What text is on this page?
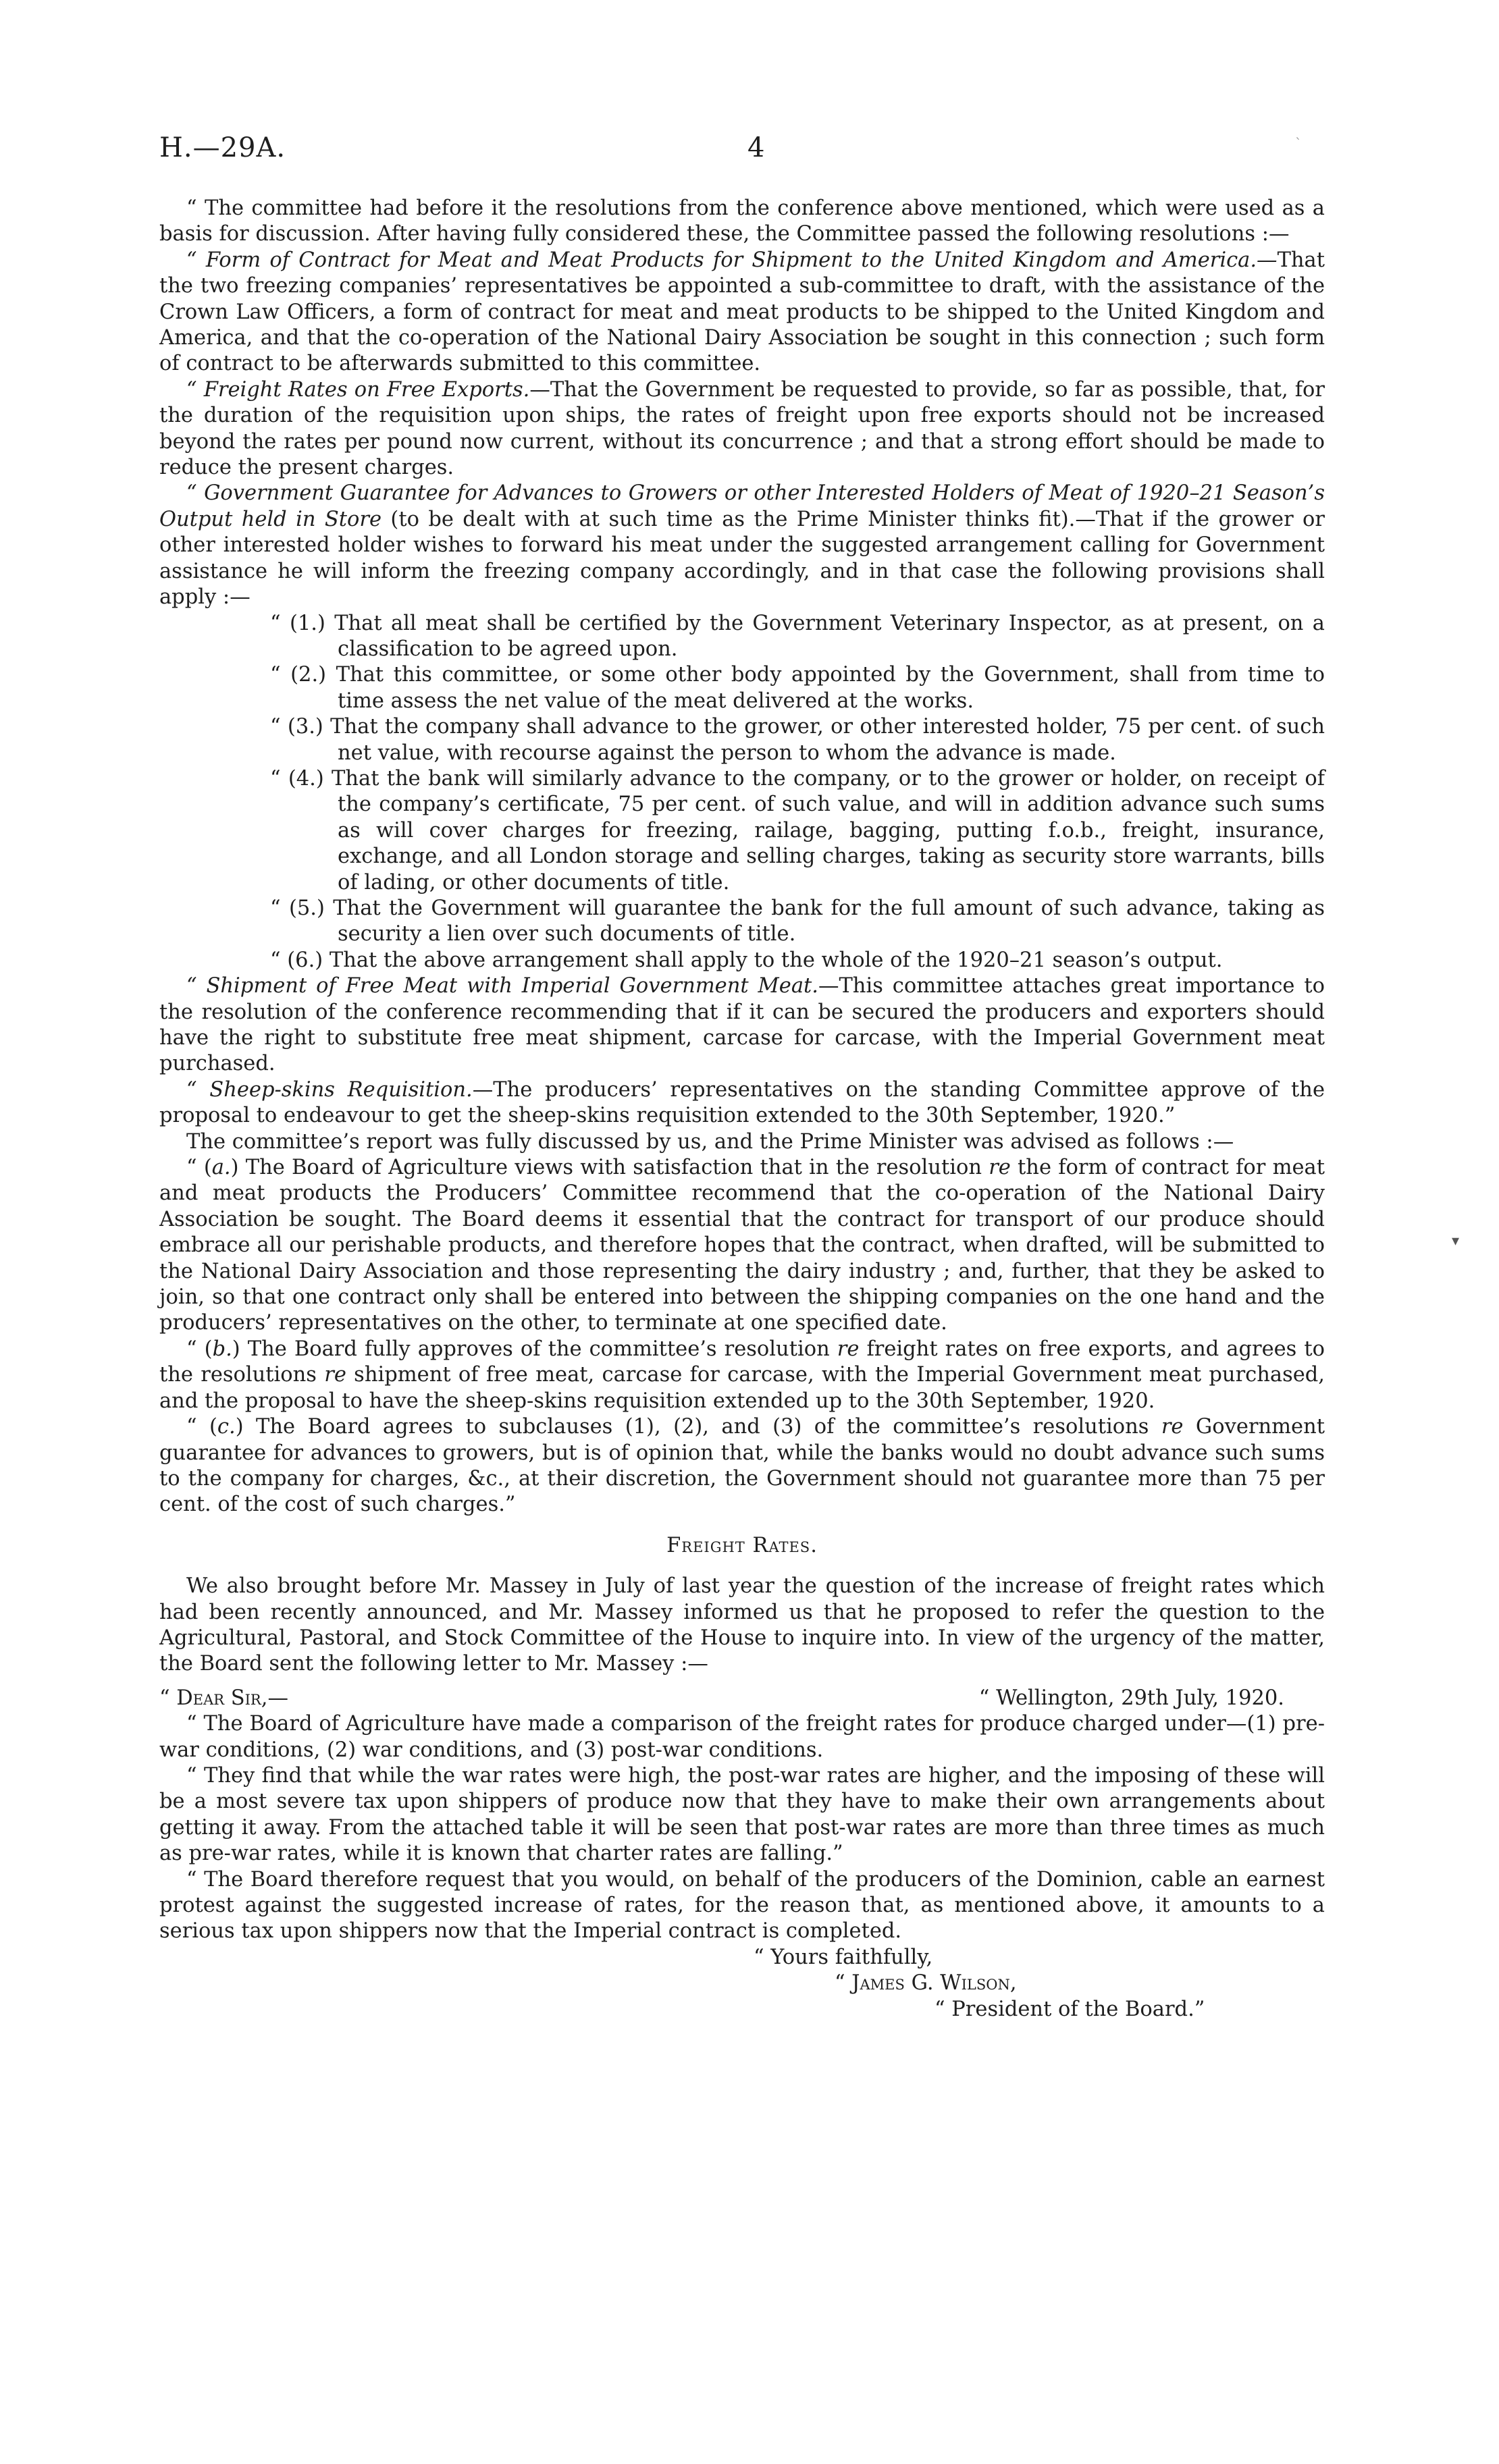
H.—29A.	4	ˋ

“ The committee had before it the resolutions from the conference above mentioned, which were used as a basis for discussion. After having fully considered these, the Committee passed the following resolutions :—

“ Form of Contract for Meat and Meat Products for Shipment to the United Kingdom and America.—That the two freezing companies’ representatives be appointed a sub-committee to draft, with the assistance of the Crown Law Officers, a form of contract for meat and meat products to be shipped to the United Kingdom and America, and that the co-operation of the National Dairy Association be sought in this connection ; such form of contract to be afterwards submitted to this committee.

“ Freight Rates on Free Exports.—That the Government be requested to provide, so far as possible, that, for the duration of the requisition upon ships, the rates of freight upon free exports should not be increased beyond the rates per pound now current, without its concurrence ; and that a strong effort should be made to reduce the present charges.

“ Government Guarantee for Advances to Growers or other Interested Holders of Meat of 1920–21 Season’s Output held in Store (to be dealt with at such time as the Prime Minister thinks fit).—That if the grower or other interested holder wishes to forward his meat under the suggested arrangement calling for Government assistance he will inform the freezing company accordingly, and in that case the following provisions shall apply :—

“ (1.) That all meat shall be certified by the Government Veterinary Inspector, as at present, on a classification to be agreed upon.

“ (2.) That this committee, or some other body appointed by the Government, shall from time to time assess the net value of the meat delivered at the works.

“ (3.) That the company shall advance to the grower, or other interested holder, 75 per cent. of such net value, with recourse against the person to whom the advance is made.

“ (4.) That the bank will similarly advance to the company, or to the grower or holder, on receipt of the company’s certificate, 75 per cent. of such value, and will in addition advance such sums as will cover charges for freezing, railage, bagging, putting f.o.b., freight, insurance, exchange, and all London storage and selling charges, taking as security store warrants, bills of lading, or other documents of title.

“ (5.) That the Government will guarantee the bank for the full amount of such advance, taking as security a lien over such documents of title.

“ (6.) That the above arrangement shall apply to the whole of the 1920–21 season’s output.

“ Shipment of Free Meat with Imperial Government Meat.—This committee attaches great importance to the resolution of the conference recommending that if it can be secured the producers and exporters should have the right to substitute free meat shipment, carcase for carcase, with the Imperial Government meat purchased.

“ Sheep-skins Requisition.—The producers’ representatives on the standing Committee approve of the proposal to endeavour to get the sheep-skins requisition extended to the 30th September, 1920.”

The committee’s report was fully discussed by us, and the Prime Minister was advised as follows :—

“ (a.) The Board of Agriculture views with satisfaction that in the resolution re the form of contract for meat and meat products the Producers’ Committee recommend that the co-operation of the National Dairy Association be sought. The Board deems it essential that the contract for transport of our produce should embrace all our perishable products, and therefore hopes that the contract, when drafted, will be submitted to the National Dairy Association and those representing the dairy industry ; and, further, that they be asked to join, so that one contract only shall be entered into between the shipping companies on the one hand and the producers’ representatives on the other, to terminate at one specified date.

“ (b.) The Board fully approves of the committee’s resolution re freight rates on free exports, and agrees to the resolutions re shipment of free meat, carcase for carcase, with the Imperial Government meat purchased, and the proposal to have the sheep-skins requisition extended up to the 30th September, 1920.

“ (c.) The Board agrees to subclauses (1), (2), and (3) of the committee’s resolutions re Government guarantee for advances to growers, but is of opinion that, while the banks would no doubt advance such sums to the company for charges, &c., at their discretion, the Government should not guarantee more than 75 per cent. of the cost of such charges.”

Freight Rates.

We also brought before Mr. Massey in July of last year the question of the increase of freight rates which had been recently announced, and Mr. Massey informed us that he proposed to refer the question to the Agricultural, Pastoral, and Stock Committee of the House to inquire into. In view of the urgency of the matter, the Board sent the following letter to Mr. Massey :—

“ Dear Sir,—	“ Wellington, 29th July, 1920.

“ The Board of Agriculture have made a comparison of the freight rates for produce charged under—(1) pre-war conditions, (2) war conditions, and (3) post-war conditions.

“ They find that while the war rates were high, the post-war rates are higher, and the imposing of these will be a most severe tax upon shippers of produce now that they have to make their own arrangements about getting it away. From the attached table it will be seen that post-war rates are more than three times as much as pre-war rates, while it is known that charter rates are falling.”

“ The Board therefore request that you would, on behalf of the producers of the Dominion, cable an earnest protest against the suggested increase of rates, for the reason that, as mentioned above, it amounts to a serious tax upon shippers now that the Imperial contract is completed.

“ Yours faithfully,

“ James G. Wilson,

“ President of the Board.”

▾
